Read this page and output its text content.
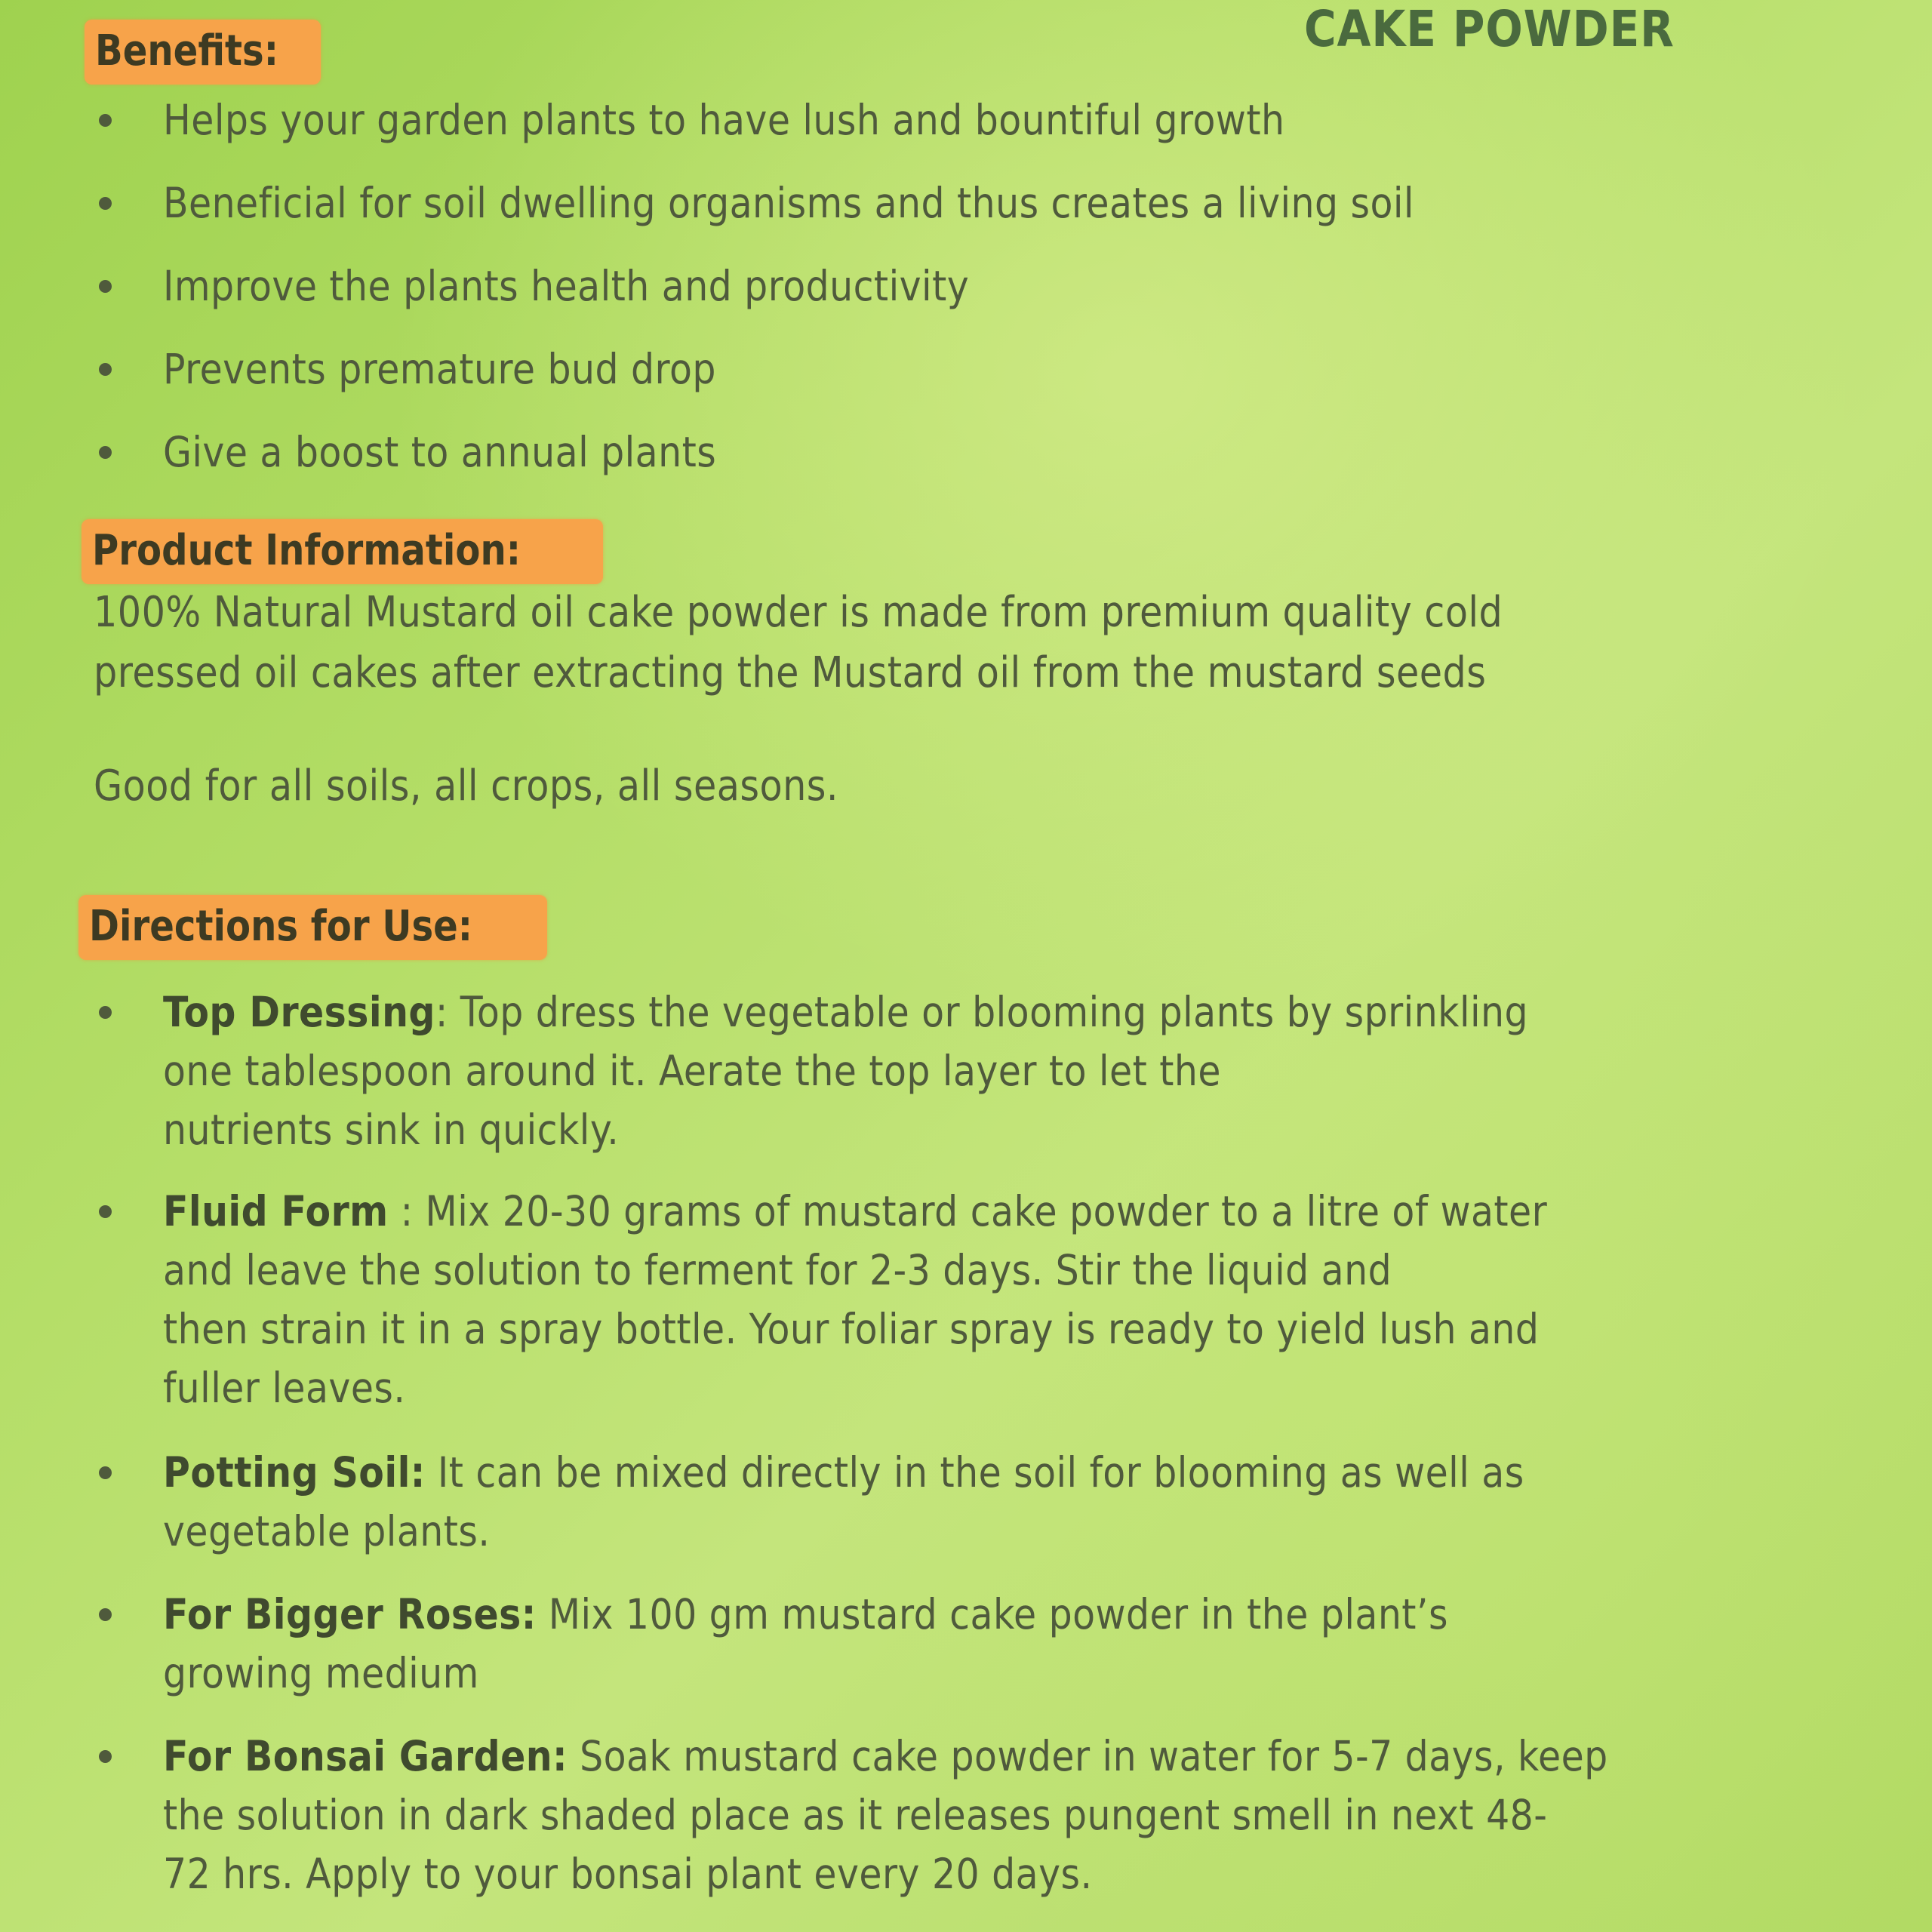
CAKE POWDER
Benefits:
Helps your garden plants to have lush and bountiful growth
Beneficial for soil dwelling organisms and thus creates a living soil
Improve the plants health and productivity
Prevents premature bud drop
Give a boost to annual plants
Product Information:
100% Natural Mustard oil cake powder is made from premium quality cold
pressed oil cakes after extracting the Mustard oil from the mustard seeds
Good for all soils, all crops, all seasons.
Directions for Use:
Top Dressing: Top dress the vegetable or blooming plants by sprinkling
one tablespoon around it. Aerate the top layer to let the
nutrients sink in quickly.
Fluid Form : Mix 20-30 grams of mustard cake powder to a litre of water
and leave the solution to ferment for 2-3 days. Stir the liquid and
then strain it in a spray bottle. Your foliar spray is ready to yield lush and
fuller leaves.
Potting Soil: It can be mixed directly in the soil for blooming as well as
vegetable plants.
For Bigger Roses: Mix 100 gm mustard cake powder in the plant’s
growing medium
For Bonsai Garden: Soak mustard cake powder in water for 5-7 days, keep
the solution in dark shaded place as it releases pungent smell in next 48-
72 hrs. Apply to your bonsai plant every 20 days.
